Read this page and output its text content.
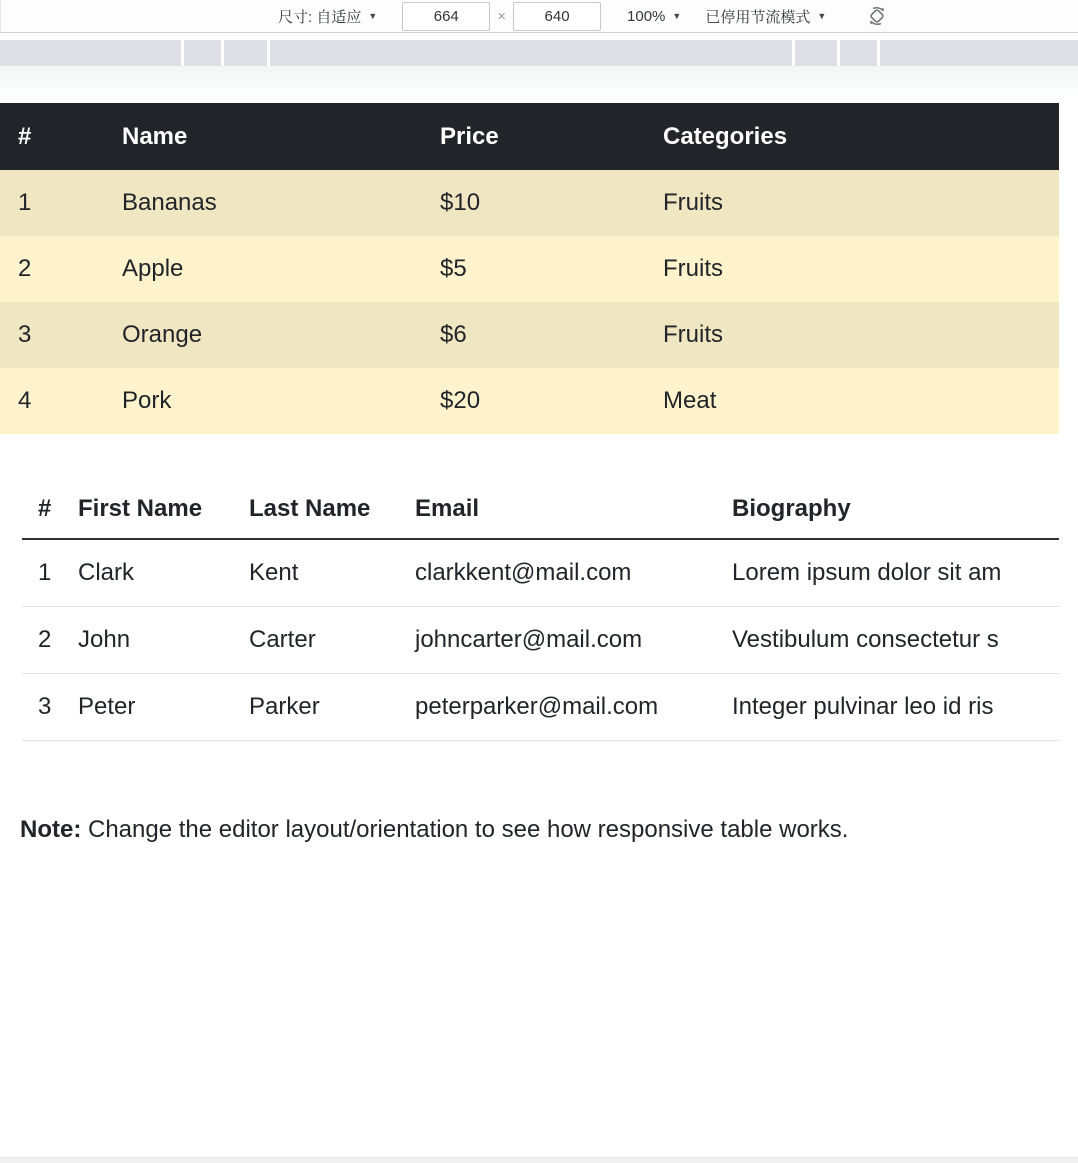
尺寸: 自适应 ▼
664	×
640	100% ▼ 已停用节流模式 ▼
#	Name	Price	Categories
1	Bananas	$10	Fruits
2	Apple	$5	Fruits
3	Orange	$6	Fruits
4	Pork	$20	Meat
#	First Name	Last Name	Email	Biography
1	Clark	Kent	clarkkent@mail.com	Lorem ipsum dolor sit am
2	John	Carter	johncarter@mail.com	Vestibulum consectetur s
3	Peter	Parker	peterparker@mail.com	Integer pulvinar leo id ris

Note: Change the editor layout/orientation to see how responsive table works.
